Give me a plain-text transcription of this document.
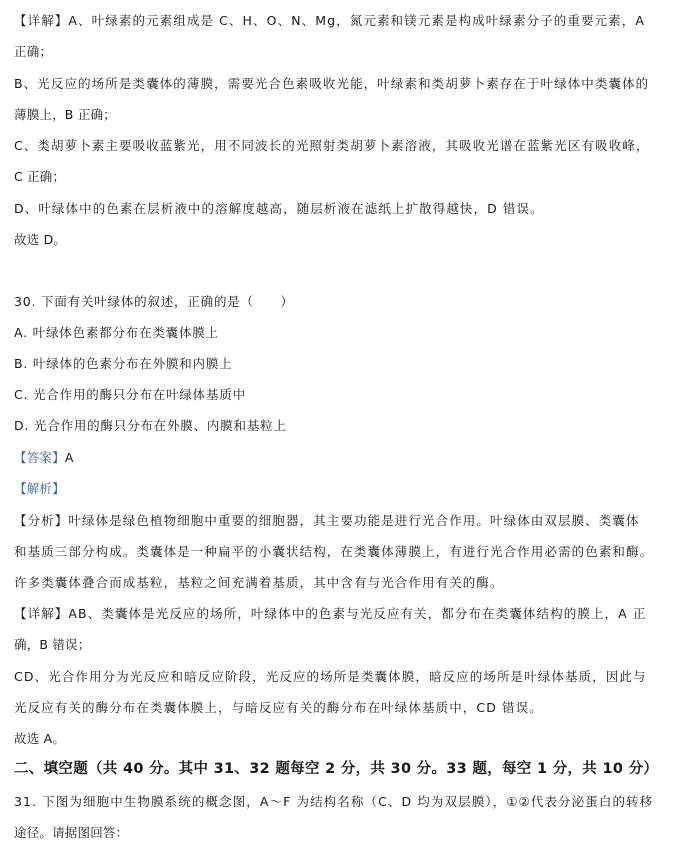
【详解】A、叶绿素的元素组成是 C、H、O、N、Mg，氮元素和镁元素是构成叶绿素分子的重要元素，A
正确；
B、光反应的场所是类囊体的薄膜，需要光合色素吸收光能，叶绿素和类胡萝卜素存在于叶绿体中类囊体的
薄膜上，B 正确；
C、类胡萝卜素主要吸收蓝紫光，用不同波长的光照射类胡萝卜素溶液，其吸收光谱在蓝紫光区有吸收峰，
C 正确；
D、叶绿体中的色素在层析液中的溶解度越高，随层析液在滤纸上扩散得越快，D 错误。
故选 D。
30. 下面有关叶绿体的叙述，正确的是（　　）
A. 叶绿体色素都分布在类囊体膜上
B. 叶绿体的色素分布在外膜和内膜上
C. 光合作用的酶只分布在叶绿体基质中
D. 光合作用的酶只分布在外膜、内膜和基粒上
【答案】A
【解析】
【分析】叶绿体是绿色植物细胞中重要的细胞器，其主要功能是进行光合作用。叶绿体由双层膜、类囊体
和基质三部分构成。类囊体是一种扁平的小囊状结构，在类囊体薄膜上，有进行光合作用必需的色素和酶。
许多类囊体叠合而成基粒，基粒之间充满着基质，其中含有与光合作用有关的酶。
【详解】AB、类囊体是光反应的场所，叶绿体中的色素与光反应有关，都分布在类囊体结构的膜上，A 正
确，B 错误；
CD、光合作用分为光反应和暗反应阶段，光反应的场所是类囊体膜，暗反应的场所是叶绿体基质，因此与
光反应有关的酶分布在类囊体膜上，与暗反应有关的酶分布在叶绿体基质中，CD 错误。
故选 A。
二、填空题（共 40 分。其中 31、32 题每空 2 分，共 30 分。33 题，每空 1 分，共 10 分）
31. 下图为细胞中生物膜系统的概念图，A～F 为结构名称（C、D 均为双层膜），①②代表分泌蛋白的转移
途径。请据图回答：
